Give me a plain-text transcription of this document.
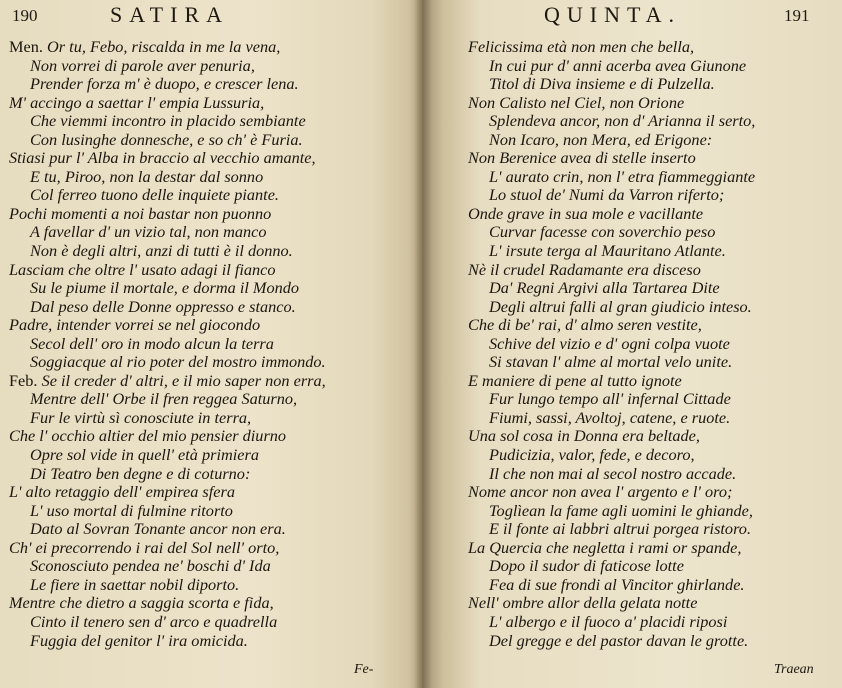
190	SATIRA
Men. Or tu, Febo, riscalda in me la vena,
Non vorrei di parole aver penuria,
Prender forza m' è duopo, e crescer lena.
M' accingo a saettar l' empia Lussuria,
Che viemmi incontro in placido sembiante
Con lusinghe donnesche, e so ch' è Furia.
Stiasi pur l' Alba in braccio al vecchio amante,
E tu, Piroo, non la destar dal sonno
Col ferreo tuono delle inquiete piante.
Pochi momenti a noi bastar non puonno
A favellar d' un vizio tal, non manco
Non è degli altri, anzi di tutti è il donno.
Lasciam che oltre l' usato adagi il fianco
Su le piume il mortale, e dorma il Mondo
Dal peso delle Donne oppresso e stanco.
Padre, intender vorrei se nel giocondo
Secol dell' oro in modo alcun la terra
Soggiacque al rio poter del mostro immondo.
Feb. Se il creder d' altri, e il mio saper non erra,
Mentre dell' Orbe il fren reggea Saturno,
Fur le virtù sì conosciute in terra,
Che l' occhio altier del mio pensier diurno
Opre sol vide in quell' età primiera
Di Teatro ben degne e di coturno:
L' alto retaggio dell' empirea sfera
L' uso mortal di fulmine ritorto
Dato al Sovran Tonante ancor non era.
Ch' ei precorrendo i rai del Sol nell' orto,
Sconosciuto pendea ne' boschi d' Ida
Le fiere in saettar nobil diporto.
Mentre che dietro a saggia scorta e fida,
Cinto il tenero sen d' arco e quadrella
Fuggia del genitor l' ira omicida.
Fe-
QUINTA.	191
Felicissima età non men che bella,
In cui pur d' anni acerba avea Giunone
Titol di Diva insieme e di Pulzella.
Non Calisto nel Ciel, non Orione
Splendeva ancor, non d' Arianna il serto,
Non Icaro, non Mera, ed Erigone:
Non Berenice avea di stelle inserto
L' aurato crin, non l' etra fiammeggiante
Lo stuol de' Numi da Varron riferto;
Onde grave in sua mole e vacillante
Curvar facesse con soverchio peso
L' irsute terga al Mauritano Atlante.
Nè il crudel Radamante era disceso
Da' Regni Argivi alla Tartarea Dite
Degli altrui falli al gran giudicio inteso.
Che di be' rai, d' almo seren vestite,
Schive del vizio e d' ogni colpa vuote
Si stavan l' alme al mortal velo unite.
E maniere di pene al tutto ignote
Fur lungo tempo all' infernal Cittade
Fiumi, sassi, Avoltoj, catene, e ruote.
Una sol cosa in Donna era beltade,
Pudicizia, valor, fede, e decoro,
Il che non mai al secol nostro accade.
Nome ancor non avea l' argento e l' oro;
Toglìean la fame agli uomini le ghiande,
E il fonte ai labbri altrui porgea ristoro.
La Quercia che negletta i rami or spande,
Dopo il sudor di faticose lotte
Fea di sue frondi al Vincitor ghirlande.
Nell' ombre allor della gelata notte
L' albergo e il fuoco a' placidi riposi
Del gregge e del pastor davan le grotte.
Traean
